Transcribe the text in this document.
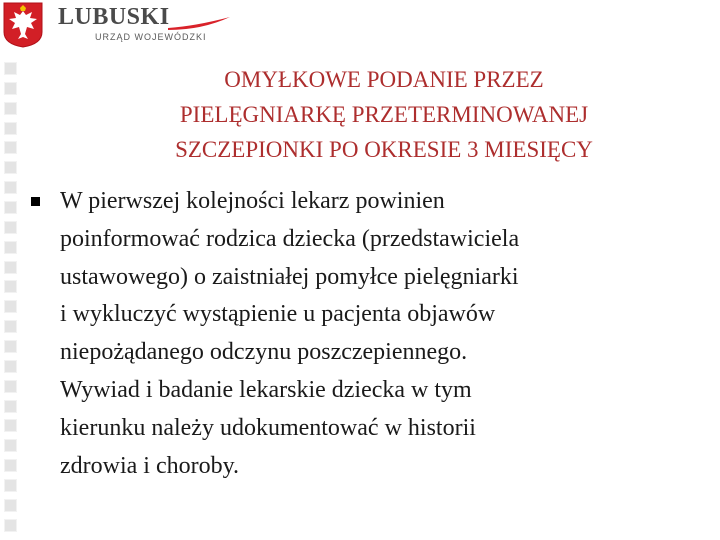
LUBUSKI
URZĄD WOJEWÓDZKI
OMYŁKOWE PODANIE PRZEZ
PIELĘGNIARKĘ PRZETERMINOWANEJ
SZCZEPIONKI PO OKRESIE 3 MIESIĘCY
W pierwszej kolejności lekarz powinien
poinformować rodzica dziecka (przedstawiciela
ustawowego) o zaistniałej pomyłce pielęgniarki
i wykluczyć wystąpienie u pacjenta objawów
niepożądanego odczynu poszczepiennego.
Wywiad i badanie lekarskie dziecka w tym
kierunku należy udokumentować w historii
zdrowia i choroby.
